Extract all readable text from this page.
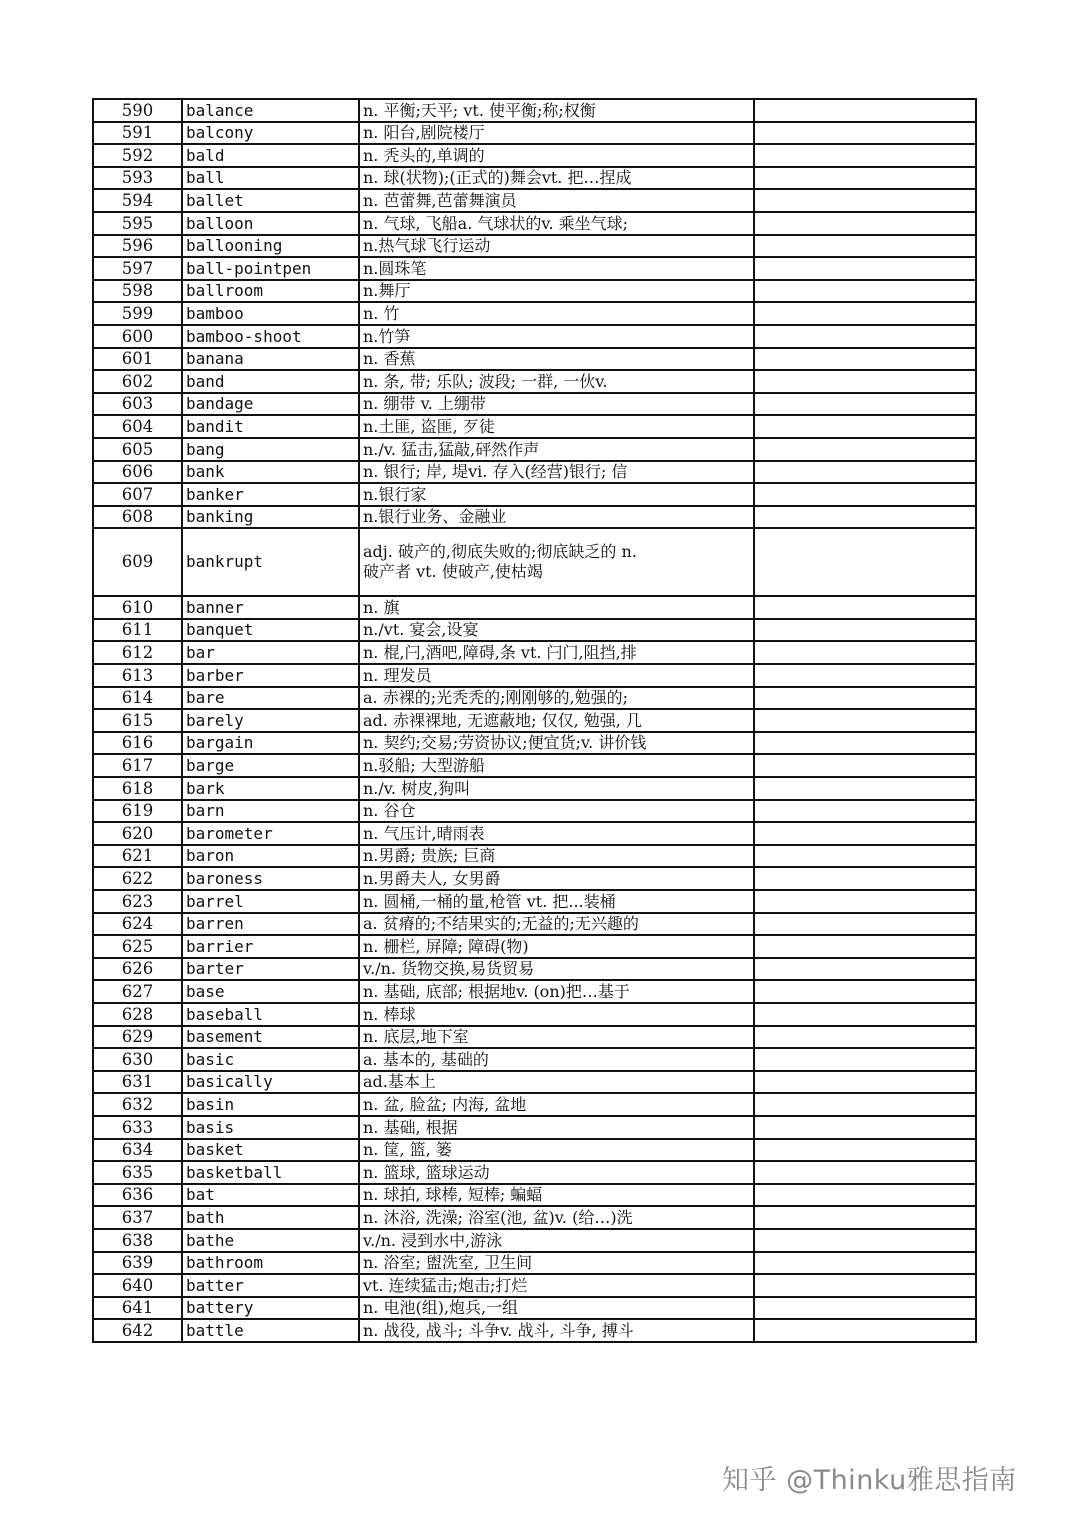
590	balance	n. 平衡;天平; vt. 使平衡;称;权衡	
591	balcony	n. 阳台,剧院楼厅	
592	bald	n. 秃头的,单调的	
593	ball	n. 球(状物);(正式的)舞会vt. 把…捏成	
594	ballet	n. 芭蕾舞,芭蕾舞演员	
595	balloon	n. 气球, 飞船a. 气球状的v. 乘坐气球;	
596	ballooning	n.热气球飞行运动	
597	ball-pointpen	n.圆珠笔	
598	ballroom	n.舞厅	
599	bamboo	n. 竹	
600	bamboo-shoot	n.竹笋	
601	banana	n. 香蕉	
602	band	n. 条, 带; 乐队; 波段; 一群, 一伙v.	
603	bandage	n. 绷带 v. 上绷带	
604	bandit	n.土匪, 盗匪, 歹徒	
605	bang	n./v. 猛击,猛敲,砰然作声	
606	bank	n. 银行; 岸, 堤vi. 存入(经营)银行; 信	
607	banker	n.银行家	
608	banking	n.银行业务、金融业	
609	bankrupt	adj. 破产的,彻底失败的;彻底缺乏的 n.
破产者 vt. 使破产,使枯竭	
610	banner	n. 旗	
611	banquet	n./vt. 宴会,设宴	
612	bar	n. 棍,闩,酒吧,障碍,条 vt. 闩门,阻挡,排	
613	barber	n. 理发员	
614	bare	a. 赤裸的;光秃秃的;刚刚够的,勉强的;	
615	barely	ad. 赤裸裸地, 无遮蔽地; 仅仅, 勉强, 几	
616	bargain	n. 契约;交易;劳资协议;便宜货;v. 讲价钱	
617	barge	n.驳船; 大型游船	
618	bark	n./v. 树皮,狗叫	
619	barn	n. 谷仓	
620	barometer	n. 气压计,晴雨表	
621	baron	n.男爵; 贵族; 巨商	
622	baroness	n.男爵夫人, 女男爵	
623	barrel	n. 圆桶,一桶的量,枪管 vt. 把...装桶	
624	barren	a. 贫瘠的;不结果实的;无益的;无兴趣的	
625	barrier	n. 栅栏, 屏障; 障碍(物)	
626	barter	v./n. 货物交换,易货贸易	
627	base	n. 基础, 底部; 根据地v. (on)把…基于	
628	baseball	n. 棒球	
629	basement	n. 底层,地下室	
630	basic	a. 基本的, 基础的	
631	basically	ad.基本上	
632	basin	n. 盆, 脸盆; 内海, 盆地	
633	basis	n. 基础, 根据	
634	basket	n. 筐, 篮, 篓	
635	basketball	n. 篮球, 篮球运动	
636	bat	n. 球拍, 球棒, 短棒; 蝙蝠	
637	bath	n. 沐浴, 洗澡; 浴室(池, 盆)v. (给…)洗	
638	bathe	v./n. 浸到水中,游泳	
639	bathroom	n. 浴室; 盥洗室, 卫生间	
640	batter	vt. 连续猛击;炮击;打烂	
641	battery	n. 电池(组),炮兵,一组	
642	battle	n. 战役, 战斗; 斗争v. 战斗, 斗争, 搏斗	
知乎 @Thinku雅思指南
